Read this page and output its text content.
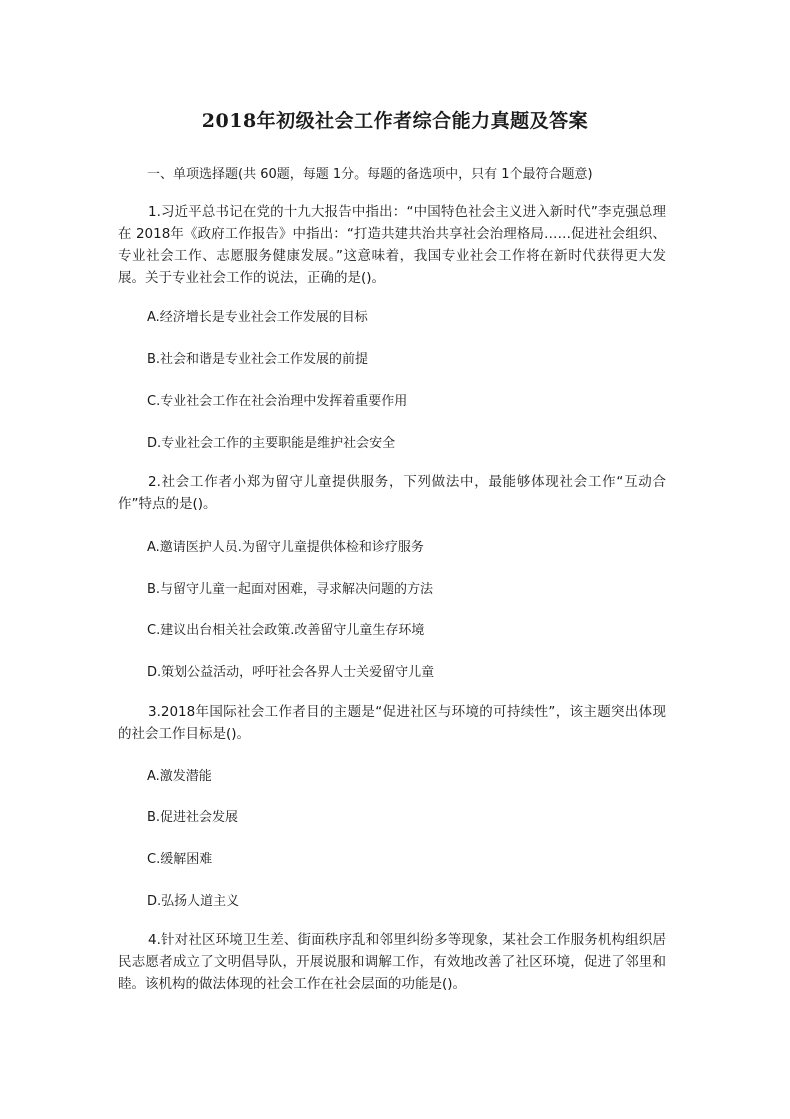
2018年初级社会工作者综合能力真题及答案
一、单项选择题(共 60题，每题 1分。每题的备选项中，只有 1个最符合题意)
1.习近平总书记在党的十九大报告中指出：“中国特色社会主义进入新时代”李克强总理在 2018年《政府工作报告》中指出：“打造共建共治共享社会治理格局……促进社会组织、专业社会工作、志愿服务健康发展。”这意味着，我国专业社会工作将在新时代获得更大发展。关于专业社会工作的说法，正确的是()。
A.经济增长是专业社会工作发展的目标
B.社会和谐是专业社会工作发展的前提
C.专业社会工作在社会治理中发挥着重要作用
D.专业社会工作的主要职能是维护社会安全
2.社会工作者小郑为留守儿童提供服务，下列做法中，最能够体现社会工作“互动合作”特点的是()。
A.邀请医护人员.为留守儿童提供体检和诊疗服务
B.与留守儿童一起面对困难，寻求解决问题的方法
C.建议出台相关社会政策.改善留守儿童生存环境
D.策划公益活动，呼吁社会各界人士关爱留守儿童
3.2018年国际社会工作者目的主题是“促进社区与环境的可持续性”，该主题突出体现的社会工作目标是()。
A.激发潜能
B.促进社会发展
C.缓解困难
D.弘扬人道主义
4.针对社区环境卫生差、街面秩序乱和邻里纠纷多等现象，某社会工作服务机构组织居民志愿者成立了文明倡导队，开展说服和调解工作，有效地改善了社区环境，促进了邻里和睦。该机构的做法体现的社会工作在社会层面的功能是()。
